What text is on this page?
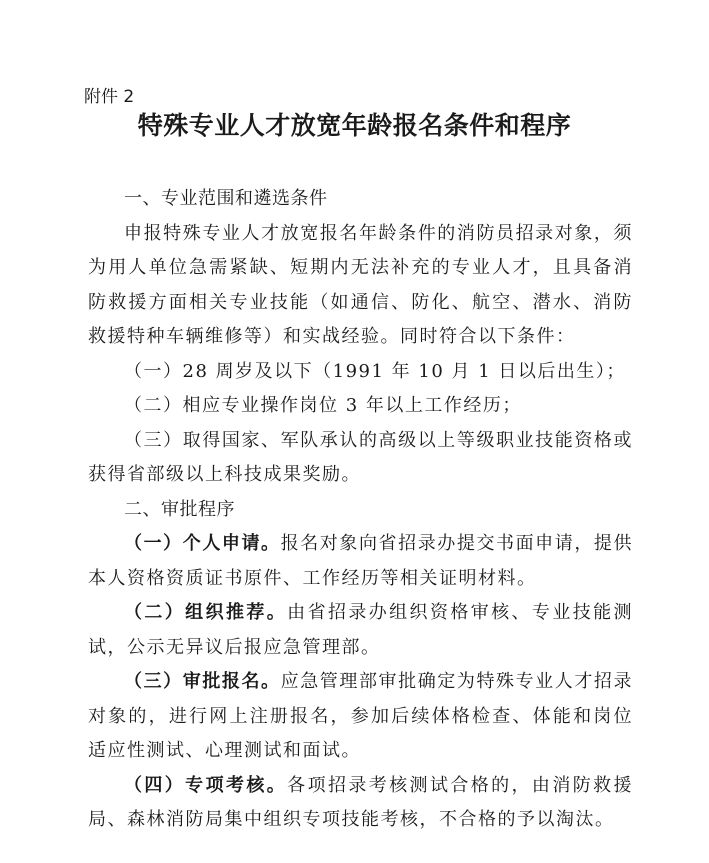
附件 2
特殊专业人才放宽年龄报名条件和程序
一、专业范围和遴选条件
申报特殊专业人才放宽报名年龄条件的消防员招录对象，须为用人单位急需紧缺、短期内无法补充的专业人才，且具备消防救援方面相关专业技能（如通信、防化、航空、潜水、消防救援特种车辆维修等）和实战经验。同时符合以下条件：
（一）28 周岁及以下（1991 年 10 月 1 日以后出生）；
（二）相应专业操作岗位 3 年以上工作经历；
（三）取得国家、军队承认的高级以上等级职业技能资格或获得省部级以上科技成果奖励。
二、审批程序
（一）个人申请。报名对象向省招录办提交书面申请，提供本人资格资质证书原件、工作经历等相关证明材料。
（二）组织推荐。由省招录办组织资格审核、专业技能测试，公示无异议后报应急管理部。
（三）审批报名。应急管理部审批确定为特殊专业人才招录对象的，进行网上注册报名，参加后续体格检查、体能和岗位适应性测试、心理测试和面试。
（四）专项考核。各项招录考核测试合格的，由消防救援局、森林消防局集中组织专项技能考核，不合格的予以淘汰。
